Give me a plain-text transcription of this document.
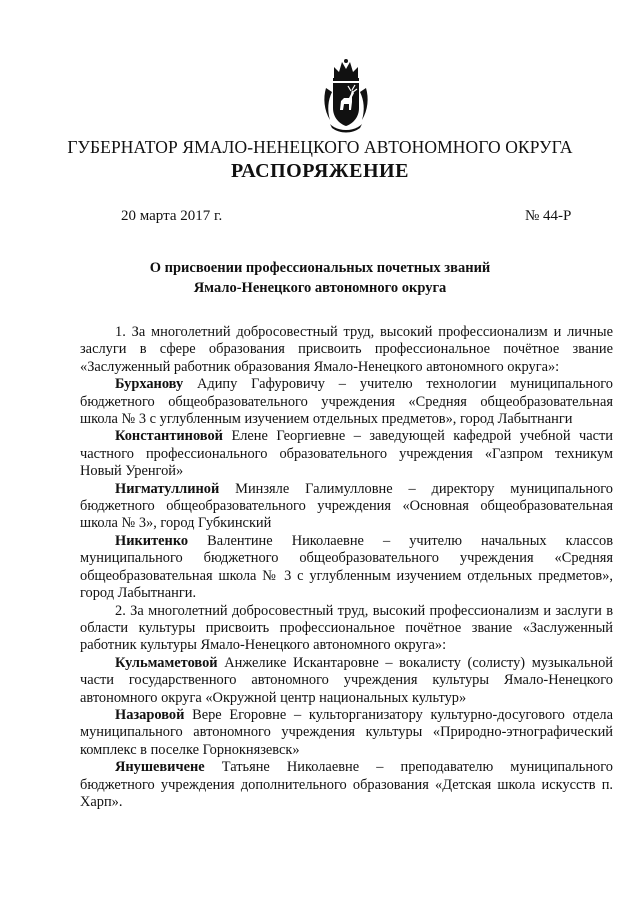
ГУБЕРНАТОР ЯМАЛО-НЕНЕЦКОГО АВТОНОМНОГО ОКРУГА
РАСПОРЯЖЕНИЕ
20 марта 2017 г.	№ 44-Р
О присвоении профессиональных почетных званий
Ямало-Ненецкого автономного округа

1. За многолетний добросовестный труд, высокий профессионализм и личные заслуги в сфере образования присвоить профессиональное почётное звание «Заслуженный работник образования Ямало-Ненецкого автономного округа»:

Бурханову Адипу Гафуровичу – учителю технологии муниципального бюджетного общеобразовательного учреждения «Средняя общеобразовательная школа № 3 с углубленным изучением отдельных предметов», город Лабытнанги

Константиновой Елене Георгиевне – заведующей кафедрой учебной части частного профессионального образовательного учреждения «Газпром техникум Новый Уренгой»

Нигматуллиной Минзяле Галимулловне – директору муниципального бюджетного общеобразовательного учреждения «Основная общеобразовательная школа № 3», город Губкинский

Никитенко Валентине Николаевне – учителю начальных классов муниципального бюджетного общеобразовательного учреждения «Средняя общеобразовательная школа № 3 с углубленным изучением отдельных предметов», город Лабытнанги.

2. За многолетний добросовестный труд, высокий профессионализм и заслуги в области культуры присвоить профессиональное почётное звание «Заслуженный работник культуры Ямало-Ненецкого автономного округа»:

Кульмаметовой Анжелике Искантаровне – вокалисту (солисту) музыкальной части государственного автономного учреждения культуры Ямало-Ненецкого автономного округа «Окружной центр национальных культур»

Назаровой Вере Егоровне – культорганизатору культурно-досугового отдела муниципального автономного учреждения культуры «Природно-этнографический комплекс в поселке Горнокнязевск»

Янушевичене Татьяне Николаевне – преподавателю муниципального бюджетного учреждения дополнительного образования «Детская школа искусств п. Харп».
